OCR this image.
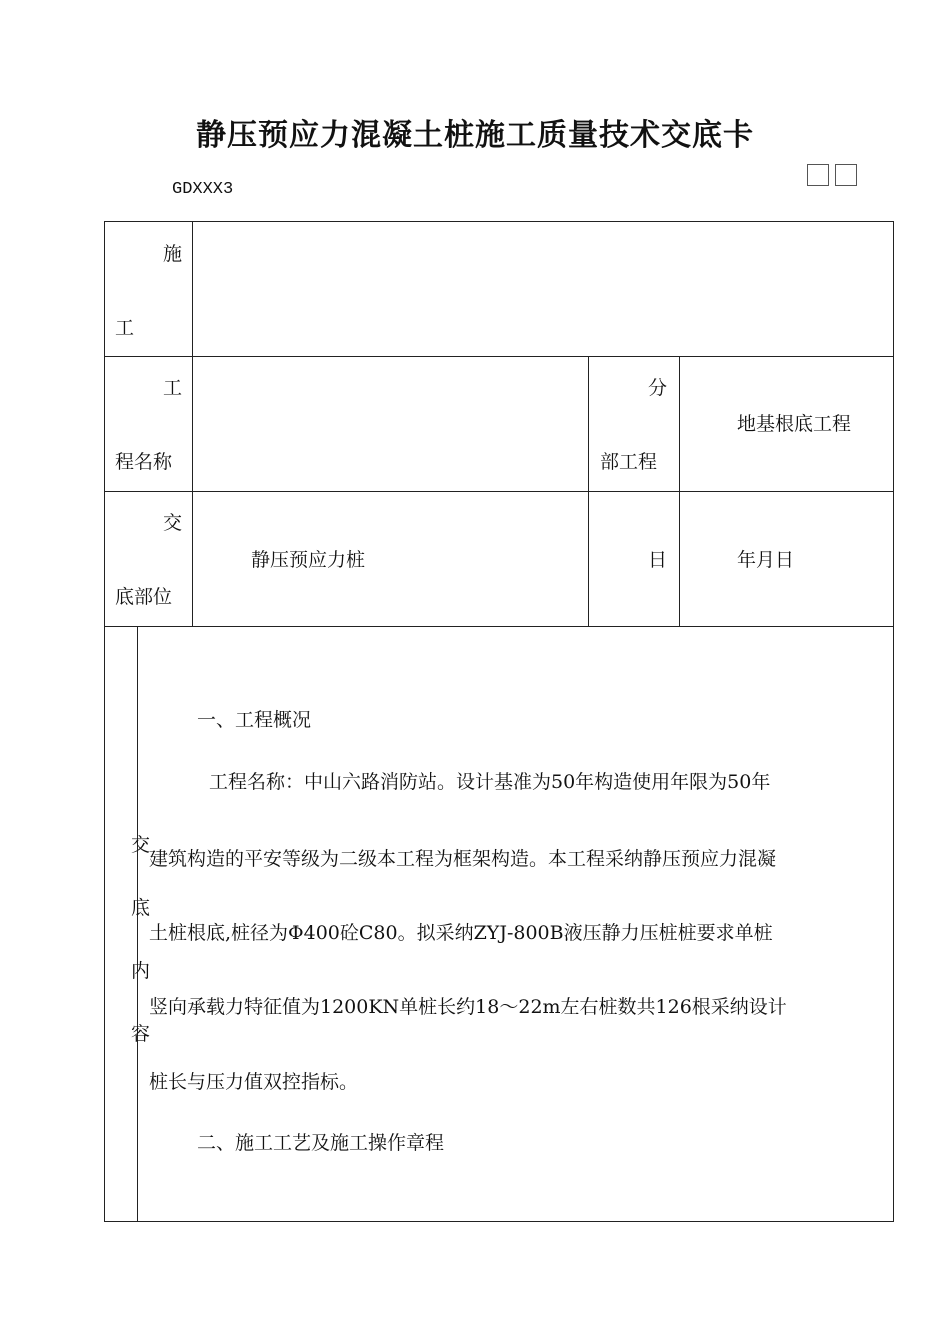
静压预应力混凝土桩施工质量技术交底卡
GDXXX3
施
工
工
程名称
分
部工程
地基根底工程
交
底部位
静压预应力桩	日	年月日
交
底
内
容
一、工程概况
工程名称：中山六路消防站。设计基准为50年构造使用年限为50年
建筑构造的平安等级为二级本工程为框架构造。本工程采纳静压预应力混凝
土桩根底,桩径为Φ400砼C80。拟采纳ZYJ-800B液压静力压桩桩要求单桩
竖向承载力特征值为1200KN单桩长约18～22m左右桩数共126根采纳设计
桩长与压力值双控指标。
二、施工工艺及施工操作章程
